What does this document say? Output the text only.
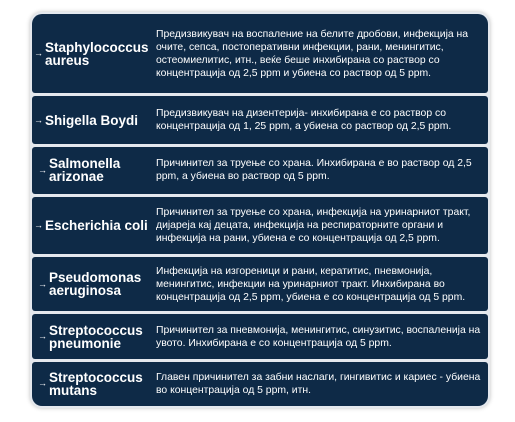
→ Staphylococcus aureus
Предизвикувач на воспаление на белите дробови, инфекција на очите, сепса, постоперативни инфекции, рани, менингитис, остеомиелитис, итн., веќе беше инхибирана со раствор со концентрација од 2,5 ppm и убиена со раствор од 5 ppm.
→ Shigella Boydi	Предизвикувач на дизентерија- инхибирана е со раствор со концентрација од 1, 25 ppm, а убиена со раствор од 2,5 ppm.
→ Salmonella arizonae
Причинител за труење со храна. Инхибирана е во раствор од 2,5 ppm, а убиена во раствор од 5 ppm.
→ Escherichia coli
Причинител за труење со храна, инфекција на уринарниот тракт, дијареја кај децата, инфекција на респираторните органи и инфекција на рани, убиена е со концентрација од 2,5 ppm.
→ Pseudomonas aeruginosa
Инфекција на изгореници и рани, кератитис, пневмонија, менингитис, инфекции на уринарниот тракт. Инхибирана во концентрација од 2,5 ppm, убиена е со концентрација од 5 ppm.
→ Streptococcus pneumonie
Причинител за пневмонија, менингитис, синузитис, воспаленија на увото. Инхибирана е со концентрација од 5 ppm.
→ Streptococcus mutans
Главен причинител за забни наслаги, гингивитис и кариес - убиена во концентрација од 5 ppm, итн.
